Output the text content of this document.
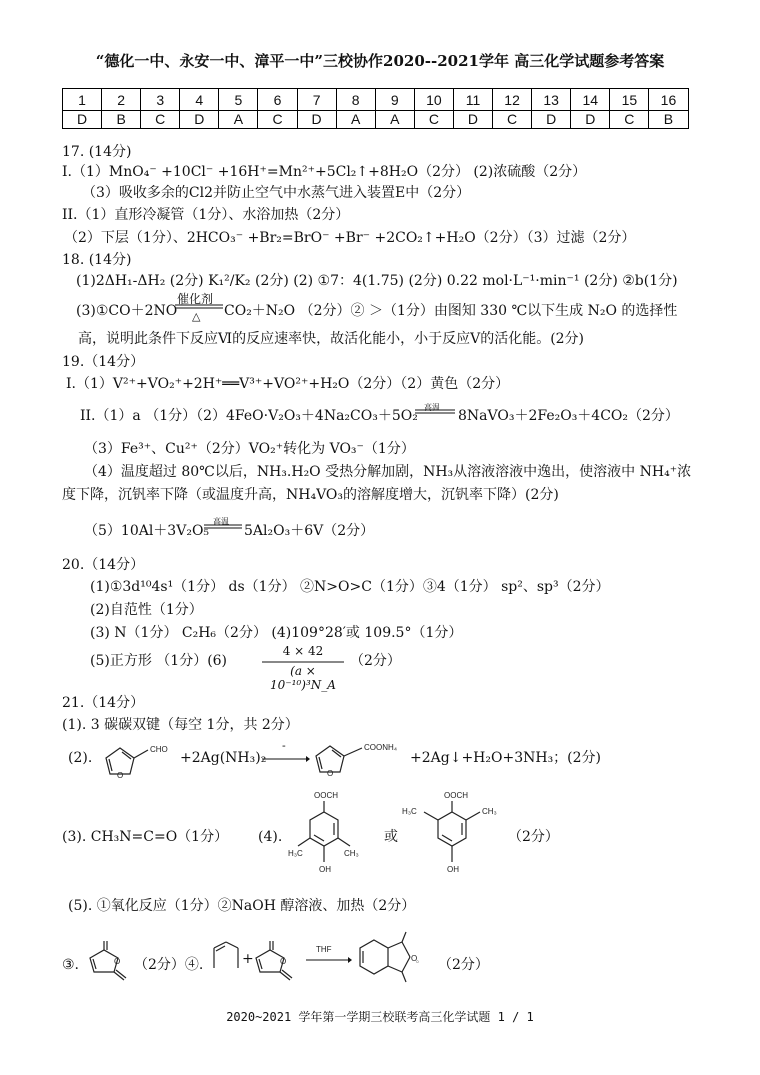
“德化一中、永安一中、漳平一中”三校协作2020--2021学年 高三化学试题参考答案
1	2	3	4	5	6	7	8	9	10	11	12	13	14	15	16
D	B	C	D	A	C	D	A	A	C	D	C	D	D	C	B
17. (14分)
I.（1）MnO₄⁻ +10Cl⁻ +16H⁺=Mn²⁺+5Cl₂↑+8H₂O（2分） (2)浓硫酸（2分）
（3）吸收多余的Cl2并防止空气中水蒸气进入装置E中（2分）
II.（1）直形冷凝管（1分）、水浴加热（2分）
（2）下层（1分）、2HCO₃⁻ +Br₂=BrO⁻ +Br⁻ +2CO₂↑+H₂O（2分）（3）过滤（2分）
18. (14分)
(1)2ΔH₁-ΔH₂ (2分) K₁²/K₂ (2分) (2) ①7：4(1.75) (2分) 0.22 mol·L⁻¹·min⁻¹ (2分) ②b(1分)
(3)①CO＋2NO
催化剂
△ CO₂＋N₂O （2分）② ＞（1分）由图知 330 ℃以下生成 N₂O 的选择性
高，说明此条件下反应Ⅵ的反应速率快，故活化能小，小于反应Ⅴ的活化能。(2分)
19.（14分）
I.（1）V²⁺+VO₂⁺+2H⁺══V³⁺+VO²⁺+H₂O（2分）（2）黄色（2分）
II.（1）a （1分）（2）4FeO·V₂O₃＋4Na₂CO₃＋5O₂
高温
8NaVO₃＋2Fe₂O₃＋4CO₂（2分）
（3）Fe³⁺、Cu²⁺（2分）VO₂⁺转化为 VO₃⁻（1分）
（4）温度超过 80℃以后，NH₃.H₂O 受热分解加剧，NH₃从溶液溶液中逸出，使溶液中 NH₄⁺浓
度下降，沉钒率下降（或温度升高，NH₄VO₃的溶解度增大，沉钒率下降）(2分)
（5）10Al＋3V₂O₅
高温
5Al₂O₃＋6V（2分）
20.（14分）
(1)①3d¹⁰4s¹（1分） ds（1分） ②N>O>C（1分）③4（1分） sp²、sp³（2分）
(2)自范性（1分）
(3) N（1分） C₂H₆（2分） (4)109°28′或 109.5°（1分）
(5)正方形 （1分）(6)
4 × 42
(a × 10⁻¹⁰)³N_A
（2分）
21.（14分）
(1). 3 碳碳双键（每空 1分，共 2分）
(2).
O
CHO
+2Ag(NH₃)₂
-
O
COONH₄
+2Ag↓+H₂O+3NH₃；(2分)
(3). CH₃N=C=O（1分） (4).
OOCH
H₃C	CH₃
OH
或
OOCH
H₃C	CH₃
OH
（2分）
(5). ①氧化反应（1分）②NaOH 醇溶液、加热（2分）
③.	O （2分）④.	+	O
THF
O
。 （2分）
2020~2021 学年第一学期三校联考高三化学试题 1 / 1
